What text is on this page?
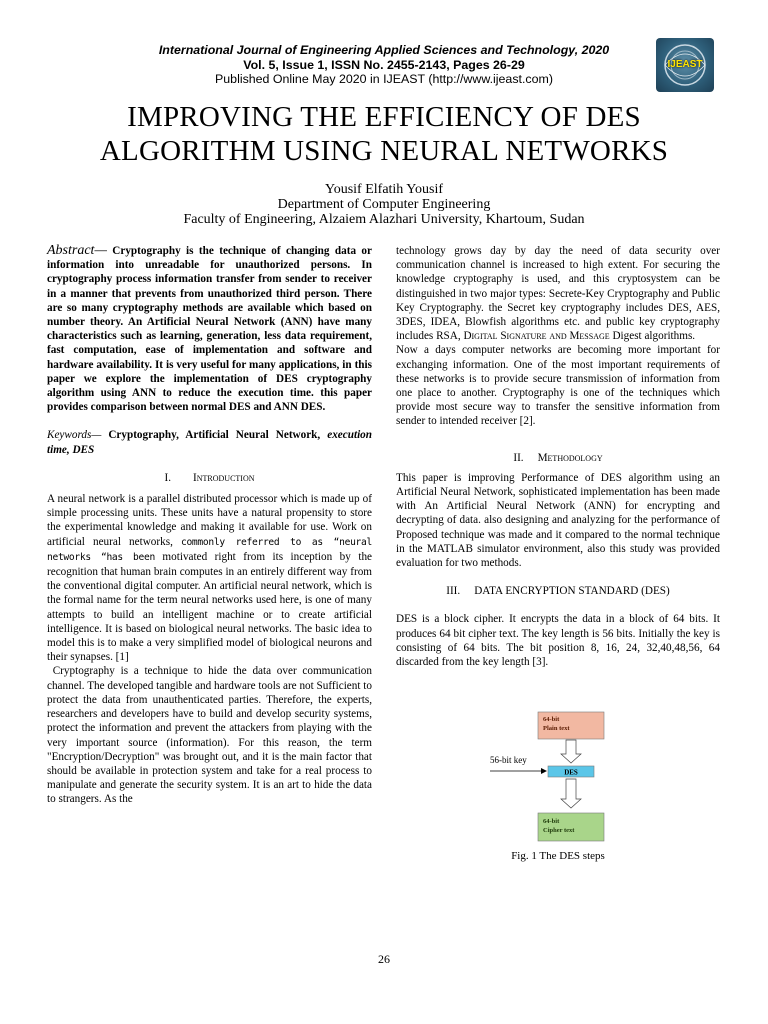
International Journal of Engineering Applied Sciences and Technology, 2020
Vol. 5, Issue 1, ISSN No. 2455-2143, Pages 26-29
Published Online May 2020 in IJEAST (http://www.ijeast.com)
IJEAST
IMPROVING THE EFFICIENCY OF DES
ALGORITHM USING NEURAL NETWORKS
Yousif Elfatih Yousif
Department of Computer Engineering
Faculty of Engineering, Alzaiem Alazhari University, Khartoum, Sudan

Abstract— Cryptography is the technique of changing data or information into unreadable for unauthorized persons. In cryptography process information transfer from sender to receiver in a manner that prevents from unauthorized third person. There are so many cryptography methods are available which based on number theory. An Artificial Neural Network (ANN) have many characteristics such as learning, generation, less data requirement, fast computation, ease of implementation and software and hardware availability. It is very useful for many applications, in this paper we explore the implementation of DES cryptography algorithm using ANN to reduce the execution time. this paper provides comparison between normal DES and ANN DES.

Keywords— Cryptography, Artificial Neural Network, execution time, DES

I. Introduction

A neural network is a parallel distributed processor which is made up of simple processing units. These units have a natural propensity to store the experimental knowledge and making it available for use. Work on artificial neural networks, commonly referred to as “neural networks “has been motivated right from its inception by the recognition that human brain computes in an entirely different way from the conventional digital computer. An artificial neural network, which is the formal name for the term neural networks used here, is one of many attempts to build an intelligent machine or to create artificial intelligence. It is based on biological neural networks. The basic idea to model this is to make a very simplified model of biological neurons and their synapses. [1]

Cryptography is a technique to hide the data over communication channel. The developed tangible and hardware tools are not Sufficient to protect the data from unauthenticated parties. Therefore, the experts, researchers and developers have to build and develop security systems, protect the information and prevent the attackers from playing with the very important source (information). For this reason, the term "Encryption/Decryption" was brought out, and it is the main factor that should be available in protection system and take for a real process to manipulate and generate the security system. It is an art to hide the data to strangers. As the

technology grows day by day the need of data security over communication channel is increased to high extent. For securing the knowledge cryptography is used, and this cryptosystem can be distinguished in two major types: Secrete-Key Cryptography and Public Key Cryptography. the Secret key cryptography includes DES, AES, 3DES, IDEA, Blowfish algorithms etc. and public key cryptography includes RSA, Digital Signature and Message Digest algorithms.

Now a days computer networks are becoming more important for exchanging information. One of the most important requirements of these networks is to provide secure transmission of information from one place to another. Cryptography is one of the techniques which provide most secure way to transfer the sensitive information from sender to intended receiver [2].

II. Methodology

This paper is improving Performance of DES algorithm using an Artificial Neural Network, sophisticated implementation has been made with An Artificial Neural Network (ANN) for encrypting and decrypting of data. also designing and analyzing for the performance of Proposed technique was made and it compared to the normal technique in the MATLAB simulator environment, also this study was provided evaluation for two methods.

III. DATA ENCRYPTION STANDARD (DES)

DES is a block cipher. It encrypts the data in a block of 64 bits. It produces 64 bit cipher text. The key length is 56 bits. Initially the key is consisting of 64 bits. The bit position 8, 16, 24, 32,40,48,56, 64 discarded from the key length [3].

64-bit
Plain text
56-bit key
DES
64-bit
Cipher text
Fig. 1 The DES steps
26
